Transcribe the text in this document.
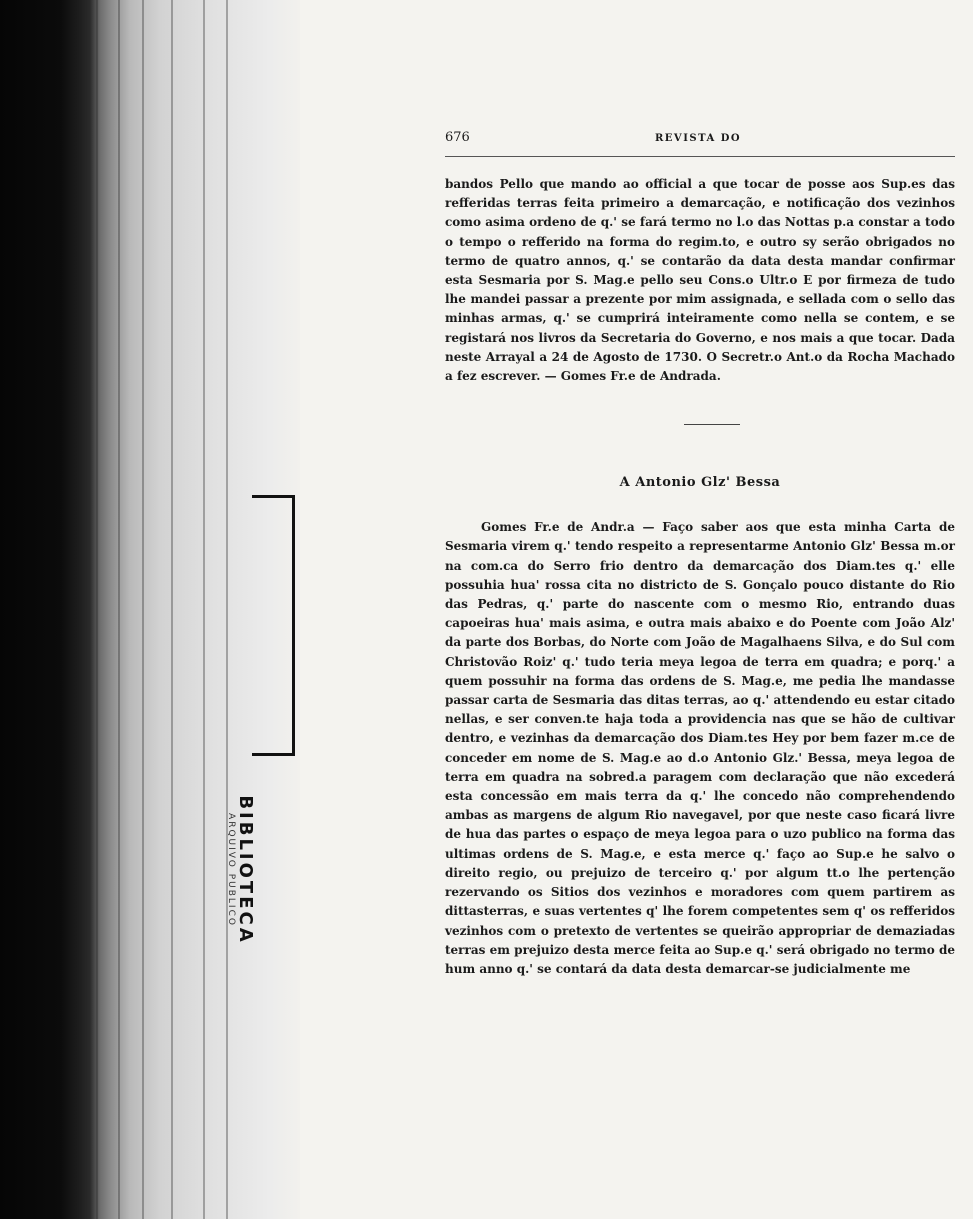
BIBLIOTECA
ARQUIVO PUBLICO
676	REVISTA DO

bandos Pello que mando ao official a que tocar de posse aos Sup.es das refferidas terras feita primeiro a demarcação, e notificação dos vezinhos como asima ordeno de q.' se fará termo no l.o das Nottas p.a constar a todo o tempo o refferido na forma do regim.to, e outro sy serão obrigados no termo de quatro annos, q.' se contarão da data desta mandar confirmar esta Sesmaria por S. Mag.e pello seu Cons.o Ultr.o E por firmeza de tudo lhe mandei passar a prezente por mim assignada, e sellada com o sello das minhas armas, q.' se cumprirá inteiramente como nella se contem, e se registará nos livros da Secretaria do Governo, e nos mais a que tocar. Dada neste Arrayal a 24 de Agosto de 1730. O Secretr.o Ant.o da Rocha Machado a fez escrever. — Gomes Fr.e de Andrada.

A Antonio Glz' Bessa

Gomes Fr.e de Andr.a — Faço saber aos que esta minha Carta de Sesmaria virem q.' tendo respeito a representarme Antonio Glz' Bessa m.or na com.ca do Serro frio dentro da demarcação dos Diam.tes q.' elle possuhia hua' rossa cita no districto de S. Gonçalo pouco distante do Rio das Pedras, q.' parte do nascente com o mesmo Rio, entrando duas capoeiras hua' mais asima, e outra mais abaixo e do Poente com João Alz' da parte dos Borbas, do Norte com João de Magalhaens Silva, e do Sul com Christovão Roiz' q.' tudo teria meya legoa de terra em quadra; e porq.' a quem possuhir na forma das ordens de S. Mag.e, me pedia lhe mandasse passar carta de Sesmaria das ditas terras, ao q.' attendendo eu estar citado nellas, e ser conven.te haja toda a providencia nas que se hão de cultivar dentro, e vezinhas da demarcação dos Diam.tes Hey por bem fazer m.ce de conceder em nome de S. Mag.e ao d.o Antonio Glz.' Bessa, meya legoa de terra em quadra na sobred.a paragem com declaração que não excederá esta concessão em mais terra da q.' lhe concedo não comprehendendo ambas as margens de algum Rio navegavel, por que neste caso ficará livre de hua das partes o espaço de meya legoa para o uzo publico na forma das ultimas ordens de S. Mag.e, e esta merce q.' faço ao Sup.e he salvo o direito regio, ou prejuizo de terceiro q.' por algum tt.o lhe pertenção rezervando os Sitios dos vezinhos e moradores com quem partirem as dittasterras, e suas vertentes q' lhe forem competentes sem q' os refferidos vezinhos com o pretexto de vertentes se queirão appropriar de demaziadas terras em prejuizo desta merce feita ao Sup.e q.' será obrigado no termo de hum anno q.' se contará da data desta demarcar-se judicialmente me
